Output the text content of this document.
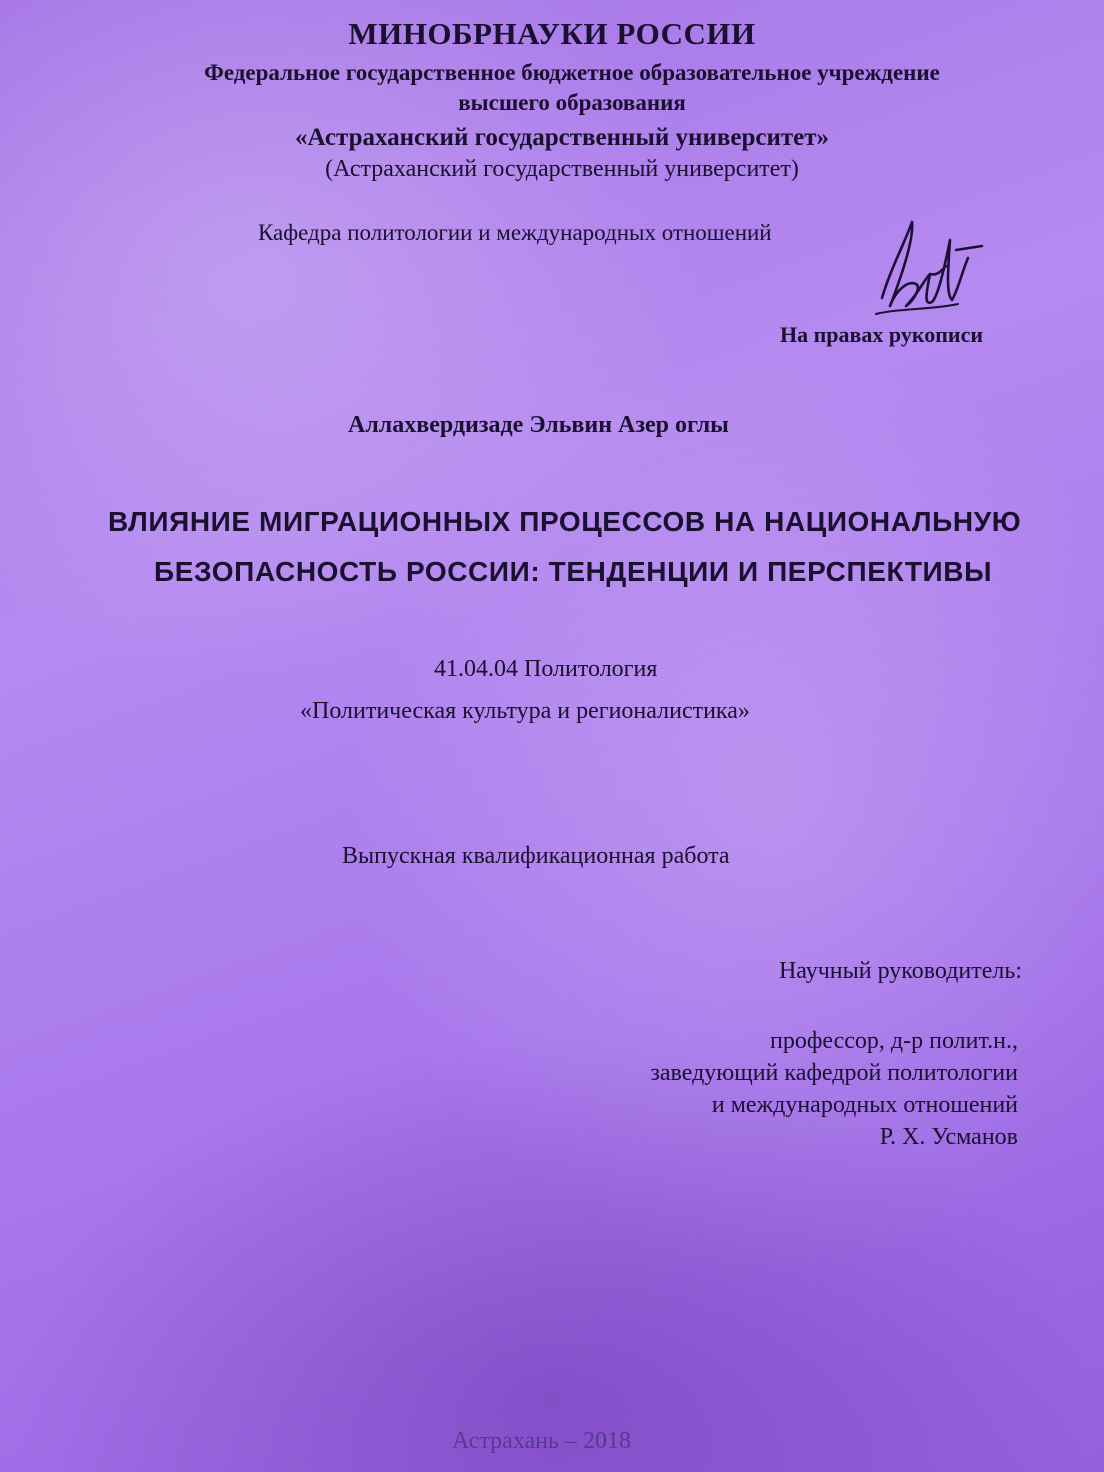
МИНОБРНАУКИ РОССИИ
Федеральное государственное бюджетное образовательное учреждение
высшего образования
«Астраханский государственный университет»
(Астраханский государственный университет)
Кафедра политологии и международных отношений
На правах рукописи
Аллахвердизаде Эльвин Азер оглы
ВЛИЯНИЕ МИГРАЦИОННЫХ ПРОЦЕССОВ НА НАЦИОНАЛЬНУЮ
БЕЗОПАСНОСТЬ РОССИИ: ТЕНДЕНЦИИ И ПЕРСПЕКТИВЫ
41.04.04 Политология
«Политическая культура и регионалистика»
Выпускная квалификационная работа
Научный руководитель:
профессор, д-р полит.н.,
заведующий кафедрой политологии
и международных отношений
Р. Х. Усманов
Астрахань – 2018
